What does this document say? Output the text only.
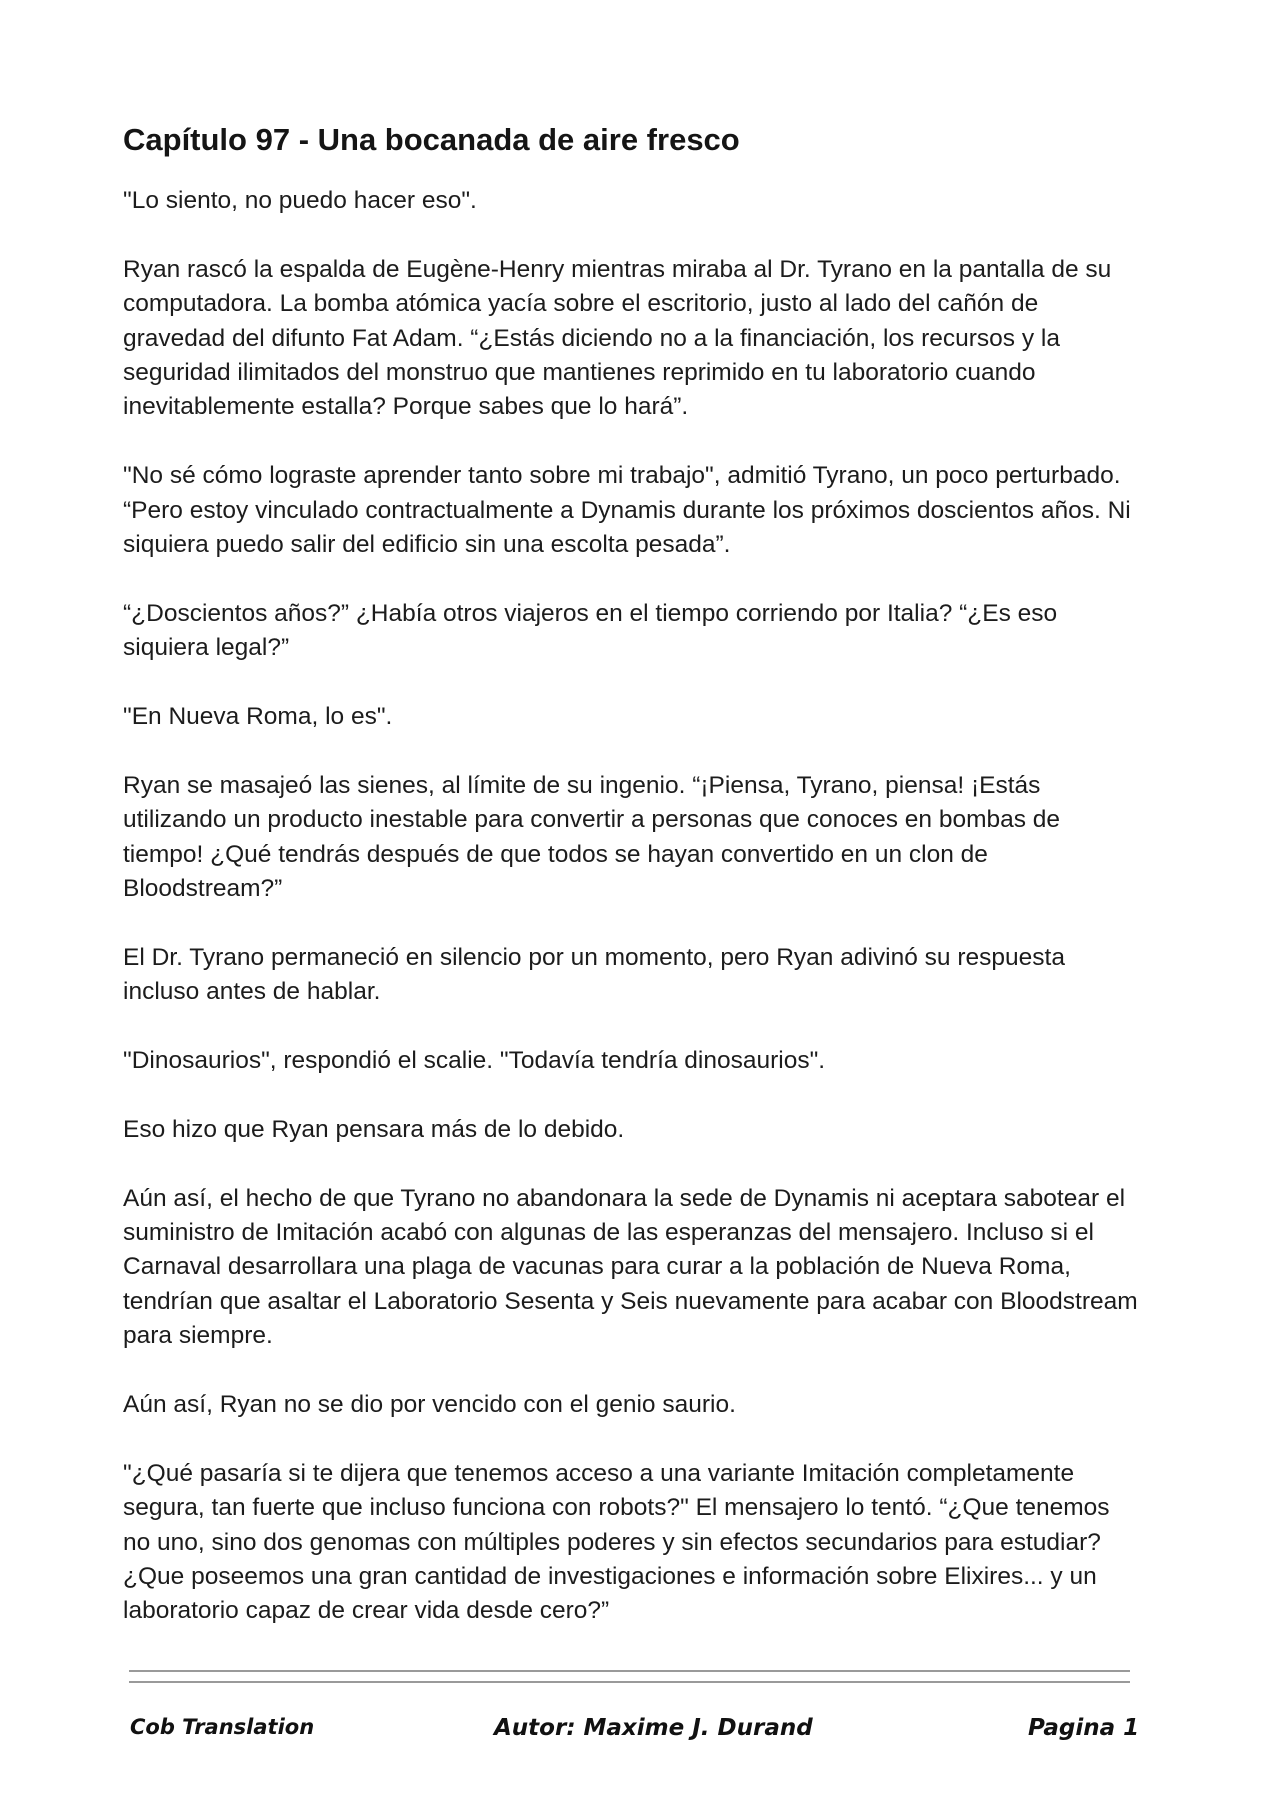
Capítulo 97 - Una bocanada de aire fresco

"Lo siento, no puedo hacer eso".

Ryan rascó la espalda de Eugène-Henry mientras miraba al Dr. Tyrano en la pantalla de su computadora. La bomba atómica yacía sobre el escritorio, justo al lado del cañón de gravedad del difunto Fat Adam. “¿Estás diciendo no a la financiación, los recursos y la seguridad ilimitados del monstruo que mantienes reprimido en tu laboratorio cuando inevitablemente estalla? Porque sabes que lo hará”.

"No sé cómo lograste aprender tanto sobre mi trabajo", admitió Tyrano, un poco perturbado. “Pero estoy vinculado contractualmente a Dynamis durante los próximos doscientos años. Ni siquiera puedo salir del edificio sin una escolta pesada”.

“¿Doscientos años?” ¿Había otros viajeros en el tiempo corriendo por Italia? “¿Es eso siquiera legal?”

"En Nueva Roma, lo es".

Ryan se masajeó las sienes, al límite de su ingenio. “¡Piensa, Tyrano, piensa! ¡Estás utilizando un producto inestable para convertir a personas que conoces en bombas de tiempo! ¿Qué tendrás después de que todos se hayan convertido en un clon de Bloodstream?”

El Dr. Tyrano permaneció en silencio por un momento, pero Ryan adivinó su respuesta incluso antes de hablar.

"Dinosaurios", respondió el scalie. "Todavía tendría dinosaurios".

Eso hizo que Ryan pensara más de lo debido.

Aún así, el hecho de que Tyrano no abandonara la sede de Dynamis ni aceptara sabotear el suministro de Imitación acabó con algunas de las esperanzas del mensajero. Incluso si el Carnaval desarrollara una plaga de vacunas para curar a la población de Nueva Roma, tendrían que asaltar el Laboratorio Sesenta y Seis nuevamente para acabar con Bloodstream para siempre.

Aún así, Ryan no se dio por vencido con el genio saurio.

"¿Qué pasaría si te dijera que tenemos acceso a una variante Imitación completamente segura, tan fuerte que incluso funciona con robots?" El mensajero lo tentó. “¿Que tenemos no uno, sino dos genomas con múltiples poderes y sin efectos secundarios para estudiar? ¿Que poseemos una gran cantidad de investigaciones e información sobre Elixires... y un laboratorio capaz de crear vida desde cero?”

Cob Translation	Autor: Maxime J. Durand	Pagina 1
